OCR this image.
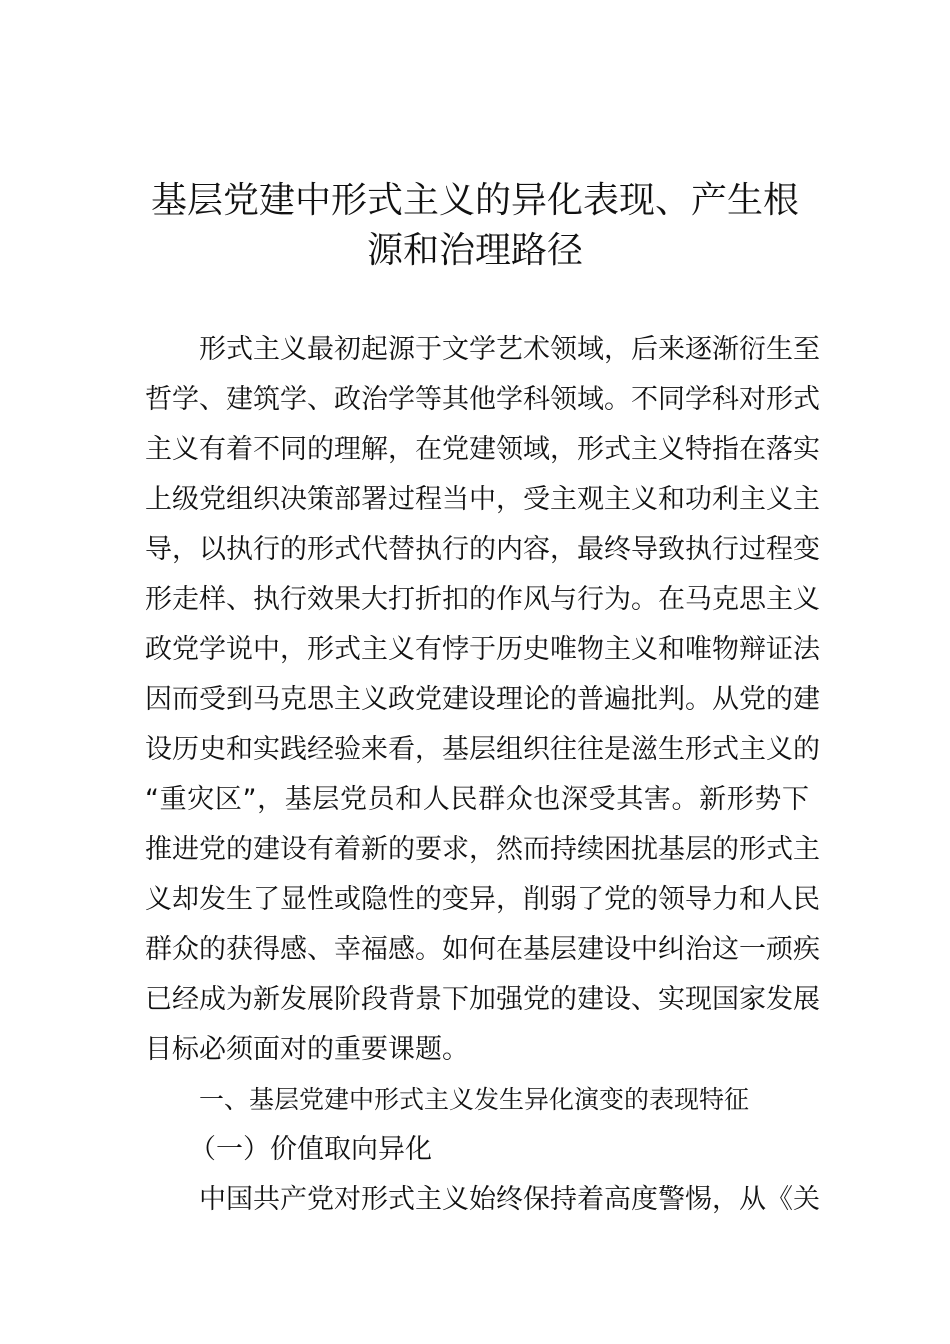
基层党建中形式主义的异化表现、产生根
源和治理路径
形式主义最初起源于文学艺术领域，后来逐渐衍生至
哲学、建筑学、政治学等其他学科领域。不同学科对形式
主义有着不同的理解，在党建领域，形式主义特指在落实
上级党组织决策部署过程当中，受主观主义和功利主义主
导，以执行的形式代替执行的内容，最终导致执行过程变
形走样、执行效果大打折扣的作风与行为。在马克思主义
政党学说中，形式主义有悖于历史唯物主义和唯物辩证法
因而受到马克思主义政党建设理论的普遍批判。从党的建
设历史和实践经验来看，基层组织往往是滋生形式主义的
“重灾区”，基层党员和人民群众也深受其害。新形势下
推进党的建设有着新的要求，然而持续困扰基层的形式主
义却发生了显性或隐性的变异，削弱了党的领导力和人民
群众的获得感、幸福感。如何在基层建设中纠治这一顽疾
已经成为新发展阶段背景下加强党的建设、实现国家发展
目标必须面对的重要课题。
一、基层党建中形式主义发生异化演变的表现特征
（一）价值取向异化
中国共产党对形式主义始终保持着高度警惕，从《关
